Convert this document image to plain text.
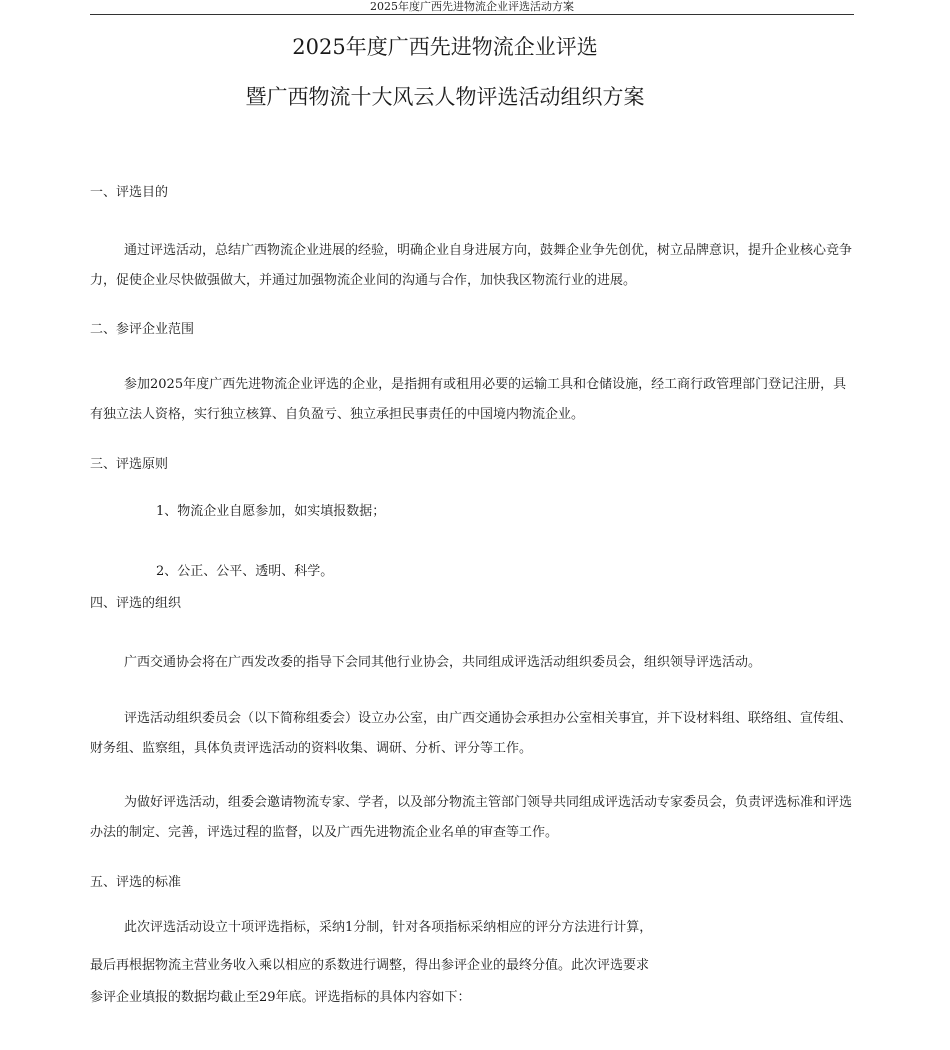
2025年度广西先进物流企业评选活动方案
2025年度广西先进物流企业评选
暨广西物流十大风云人物评选活动组织方案
一、评选目的
通过评选活动，总结广西物流企业进展的经验，明确企业自身进展方向，鼓舞企业争先创优，树立品牌意识，提升企业核心竞争力，促使企业尽快做强做大，并通过加强物流企业间的沟通与合作，加快我区物流行业的进展。
二、参评企业范围
参加2025年度广西先进物流企业评选的企业，是指拥有或租用必要的运输工具和仓储设施，经工商行政管理部门登记注册，具有独立法人资格，实行独立核算、自负盈亏、独立承担民事责任的中国境内物流企业。
三、评选原则
1、物流企业自愿参加，如实填报数据；
2、公正、公平、透明、科学。
四、评选的组织
广西交通协会将在广西发改委的指导下会同其他行业协会，共同组成评选活动组织委员会，组织领导评选活动。
评选活动组织委员会（以下简称组委会）设立办公室，由广西交通协会承担办公室相关事宜，并下设材料组、联络组、宣传组、财务组、监察组，具体负责评选活动的资料收集、调研、分析、评分等工作。
为做好评选活动，组委会邀请物流专家、学者，以及部分物流主管部门领导共同组成评选活动专家委员会，负责评选标准和评选办法的制定、完善，评选过程的监督，以及广西先进物流企业名单的审查等工作。
五、评选的标准
此次评选活动设立十项评选指标，采纳1分制，针对各项指标采纳相应的评分方法进行计算，
最后再根据物流主营业务收入乘以相应的系数进行调整，得出参评企业的最终分值。此次评选要求
参评企业填报的数据均截止至29年底。评选指标的具体内容如下：
